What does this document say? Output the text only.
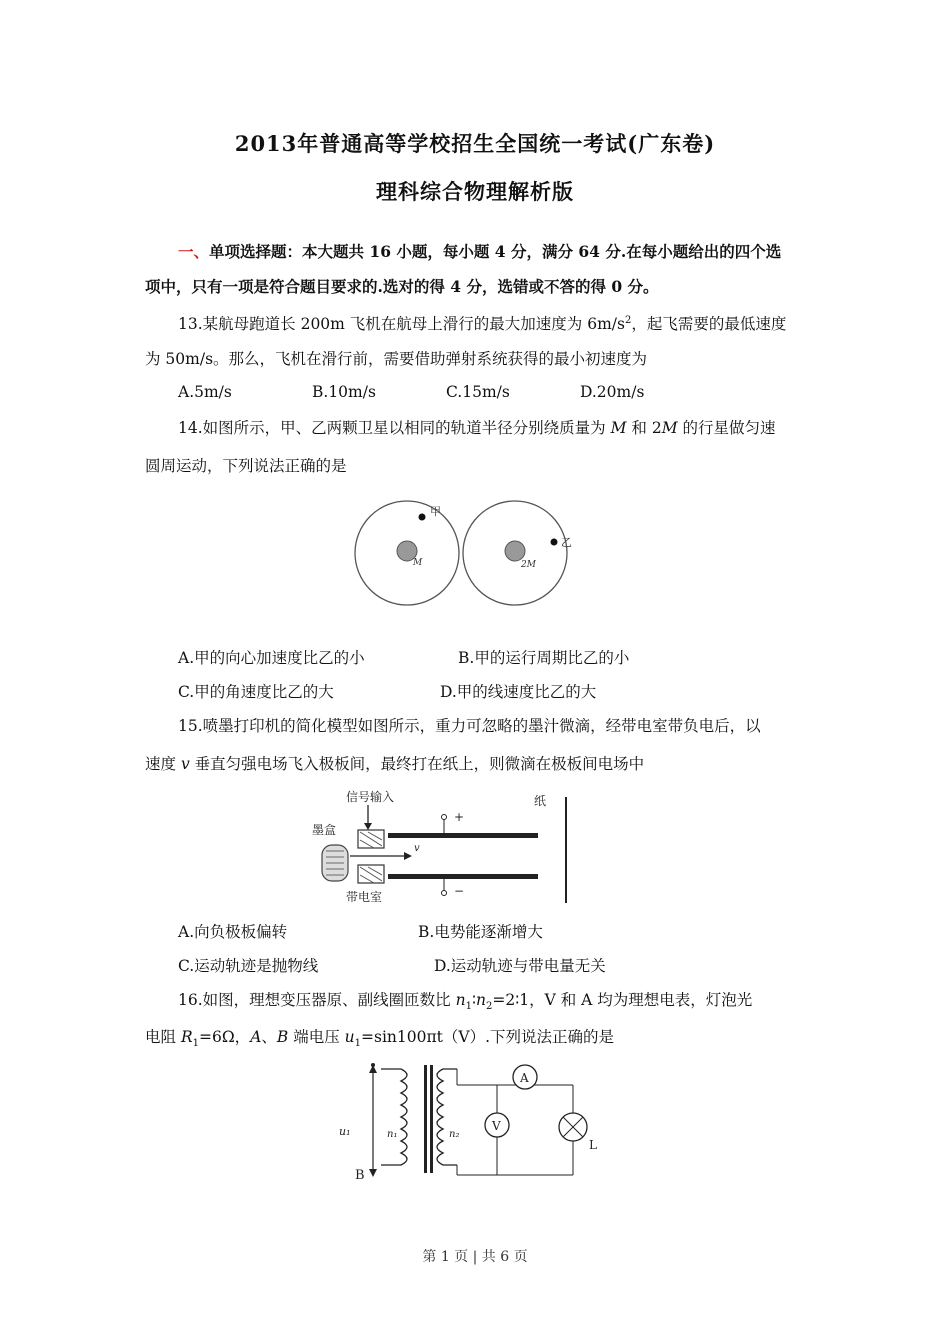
2013年普通高等学校招生全国统一考试(广东卷)
理科综合物理解析版
一、单项选择题：本大题共 16 小题，每小题 4 分，满分 64 分.在每小题给出的四个选
项中，只有一项是符合题目要求的.选对的得 4 分，选错或不答的得 0 分。
13.某航母跑道长 200m 飞机在航母上滑行的最大加速度为 $6m/s^2$，起飞需要的最低速度
为 50m/s。那么，飞机在滑行前，需要借助弹射系统获得的最小初速度为
A.5m/s	B.10m/s	C.15m/s	D.20m/s
14.如图所示，甲、乙两颗卫星以相同的轨道半径分别绕质量为 M 和 2M 的行星做匀速
圆周运动，下列说法正确的是
甲
M
乙
2M
A.甲的向心加速度比乙的小	B.甲的运行周期比乙的小
C.甲的角速度比乙的大	D.甲的线速度比乙的大
15.喷墨打印机的简化模型如图所示，重力可忽略的墨汁微滴，经带电室带负电后，以
速度 v 垂直匀强电场飞入极板间，最终打在纸上，则微滴在极板间电场中
信号输入
墨盒
+
−
v
带电室
纸
A.向负极板偏转	B.电势能逐渐增大
C.运动轨迹是抛物线	D.运动轨迹与带电量无关
16.如图，理想变压器原、副线圈匝数比 $n_1∶n_2=2∶1$，V 和 A 均为理想电表，灯泡光
电阻 $R_1=6\Omega$，A、B 端电压 $u_1=\sin 100\pi t(V)$.下列说法正确的是
u₁
B
n₁	n₂
A
V
L
第 1 页 | 共 6 页
